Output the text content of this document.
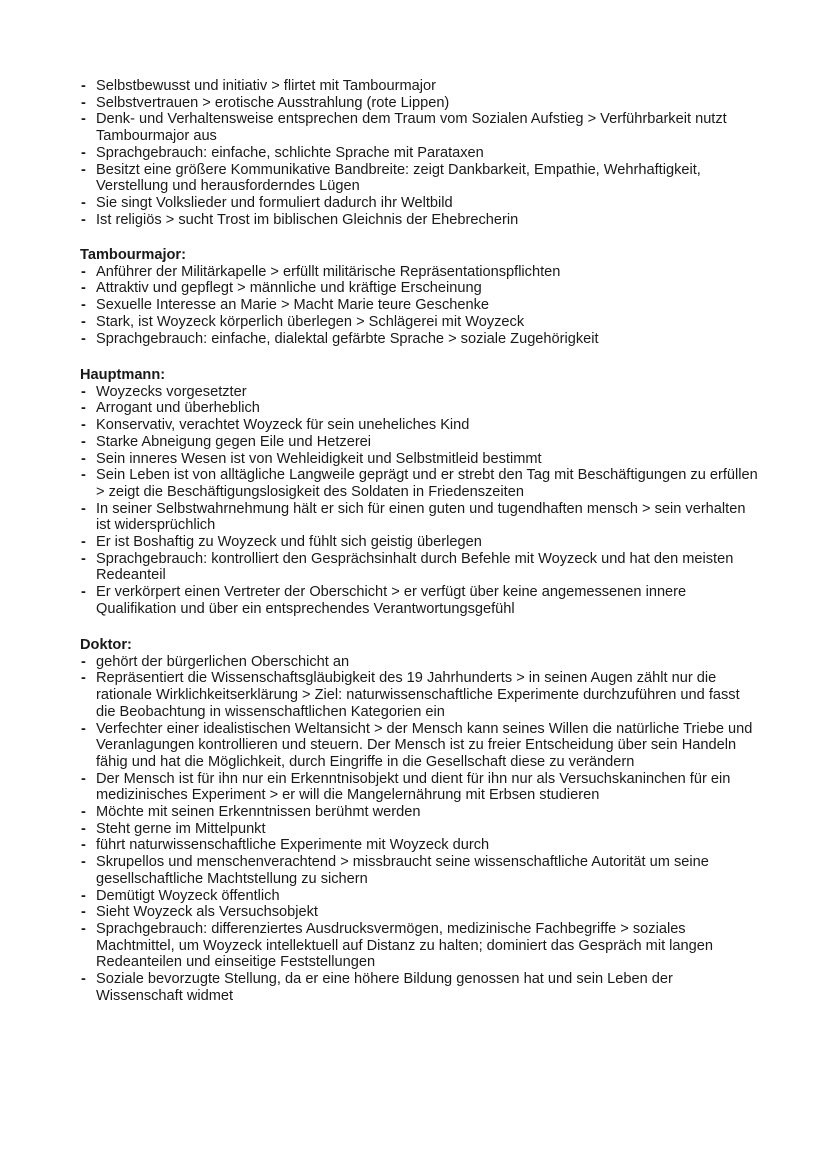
- Selbstbewusst und initiativ > flirtet mit Tambourmajor
- Selbstvertrauen > erotische Ausstrahlung (rote Lippen)
- Denk- und Verhaltensweise entsprechen dem Traum vom Sozialen Aufstieg > Verführbarkeit nutzt Tambourmajor aus
- Sprachgebrauch: einfache, schlichte Sprache mit Parataxen
- Besitzt eine größere Kommunikative Bandbreite: zeigt Dankbarkeit, Empathie, Wehrhaftigkeit, Verstellung und herausforderndes Lügen
- Sie singt Volkslieder und formuliert dadurch ihr Weltbild
- Ist religiös > sucht Trost im biblischen Gleichnis der Ehebrecherin
Tambourmajor:
- Anführer der Militärkapelle > erfüllt militärische Repräsentationspflichten
- Attraktiv und gepflegt > männliche und kräftige Erscheinung
- Sexuelle Interesse an Marie > Macht Marie teure Geschenke
- Stark, ist Woyzeck körperlich überlegen > Schlägerei mit Woyzeck
- Sprachgebrauch: einfache, dialektal gefärbte Sprache > soziale Zugehörigkeit
Hauptmann:
- Woyzecks vorgesetzter
- Arrogant und überheblich
- Konservativ, verachtet Woyzeck für sein uneheliches Kind
- Starke Abneigung gegen Eile und Hetzerei
- Sein inneres Wesen ist von Wehleidigkeit und Selbstmitleid bestimmt
- Sein Leben ist von alltägliche Langweile geprägt und er strebt den Tag mit Beschäftigungen zu erfüllen > zeigt die Beschäftigungslosigkeit des Soldaten in Friedenszeiten
- In seiner Selbstwahrnehmung hält er sich für einen guten und tugendhaften mensch > sein verhalten ist widersprüchlich
- Er ist Boshaftig zu Woyzeck und fühlt sich geistig überlegen
- Sprachgebrauch: kontrolliert den Gesprächsinhalt durch Befehle mit Woyzeck und hat den meisten Redeanteil
- Er verkörpert einen Vertreter der Oberschicht > er verfügt über keine angemessenen innere Qualifikation und über ein entsprechendes Verantwortungsgefühl
Doktor:
- gehört der bürgerlichen Oberschicht an
- Repräsentiert die Wissenschaftsgläubigkeit des 19 Jahrhunderts > in seinen Augen zählt nur die rationale Wirklichkeitserklärung > Ziel: naturwissenschaftliche Experimente durchzuführen und fasst die Beobachtung in wissenschaftlichen Kategorien ein
- Verfechter einer idealistischen Weltansicht > der Mensch kann seines Willen die natürliche Triebe und Veranlagungen kontrollieren und steuern. Der Mensch ist zu freier Entscheidung über sein Handeln fähig und hat die Möglichkeit, durch Eingriffe in die Gesellschaft diese zu verändern
- Der Mensch ist für ihn nur ein Erkenntnisobjekt und dient für ihn nur als Versuchskaninchen für ein medizinisches Experiment > er will die Mangelernährung mit Erbsen studieren
- Möchte mit seinen Erkenntnissen berühmt werden
- Steht gerne im Mittelpunkt
- führt naturwissenschaftliche Experimente mit Woyzeck durch
- Skrupellos und menschenverachtend > missbraucht seine wissenschaftliche Autorität um seine gesellschaftliche Machtstellung zu sichern
- Demütigt Woyzeck öffentlich
- Sieht Woyzeck als Versuchsobjekt
- Sprachgebrauch: differenziertes Ausdrucksvermögen, medizinische Fachbegriffe > soziales Machtmittel, um Woyzeck intellektuell auf Distanz zu halten; dominiert das Gespräch mit langen Redeanteilen und einseitige Feststellungen
- Soziale bevorzugte Stellung, da er eine höhere Bildung genossen hat und sein Leben der Wissenschaft widmet
